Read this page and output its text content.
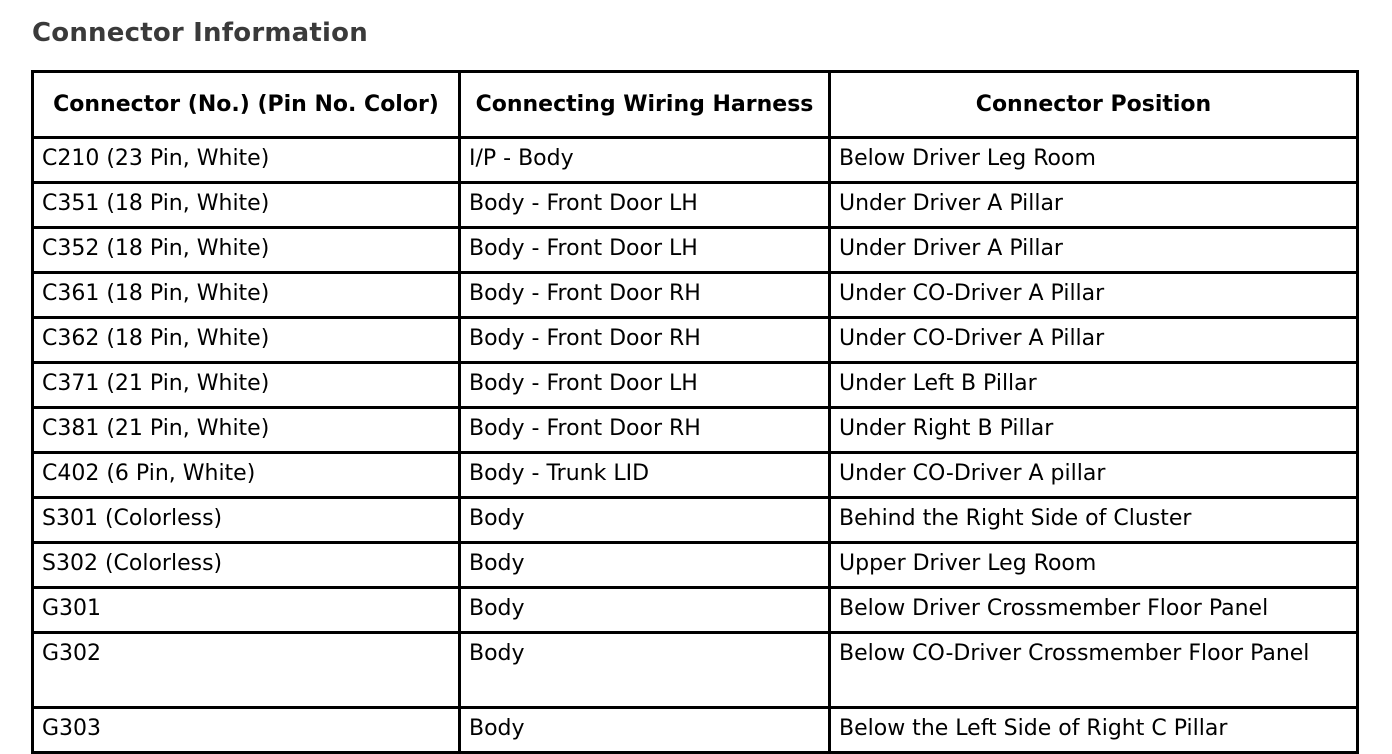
Connector Information
Connector (No.) (Pin No. Color)	Connecting Wiring Harness	Connector Position
C210 (23 Pin, White)	I/P - Body	Below Driver Leg Room
C351 (18 Pin, White)	Body - Front Door LH	Under Driver A Pillar
C352 (18 Pin, White)	Body - Front Door LH	Under Driver A Pillar
C361 (18 Pin, White)	Body - Front Door RH	Under CO-Driver A Pillar
C362 (18 Pin, White)	Body - Front Door RH	Under CO-Driver A Pillar
C371 (21 Pin, White)	Body - Front Door LH	Under Left B Pillar
C381 (21 Pin, White)	Body - Front Door RH	Under Right B Pillar
C402 (6 Pin, White)	Body - Trunk LID	Under CO-Driver A pillar
S301 (Colorless)	Body	Behind the Right Side of Cluster
S302 (Colorless)	Body	Upper Driver Leg Room
G301	Body	Below Driver Crossmember Floor Panel
G302	Body	Below CO-Driver Crossmember Floor Panel
G303	Body	Below the Left Side of Right C Pillar
